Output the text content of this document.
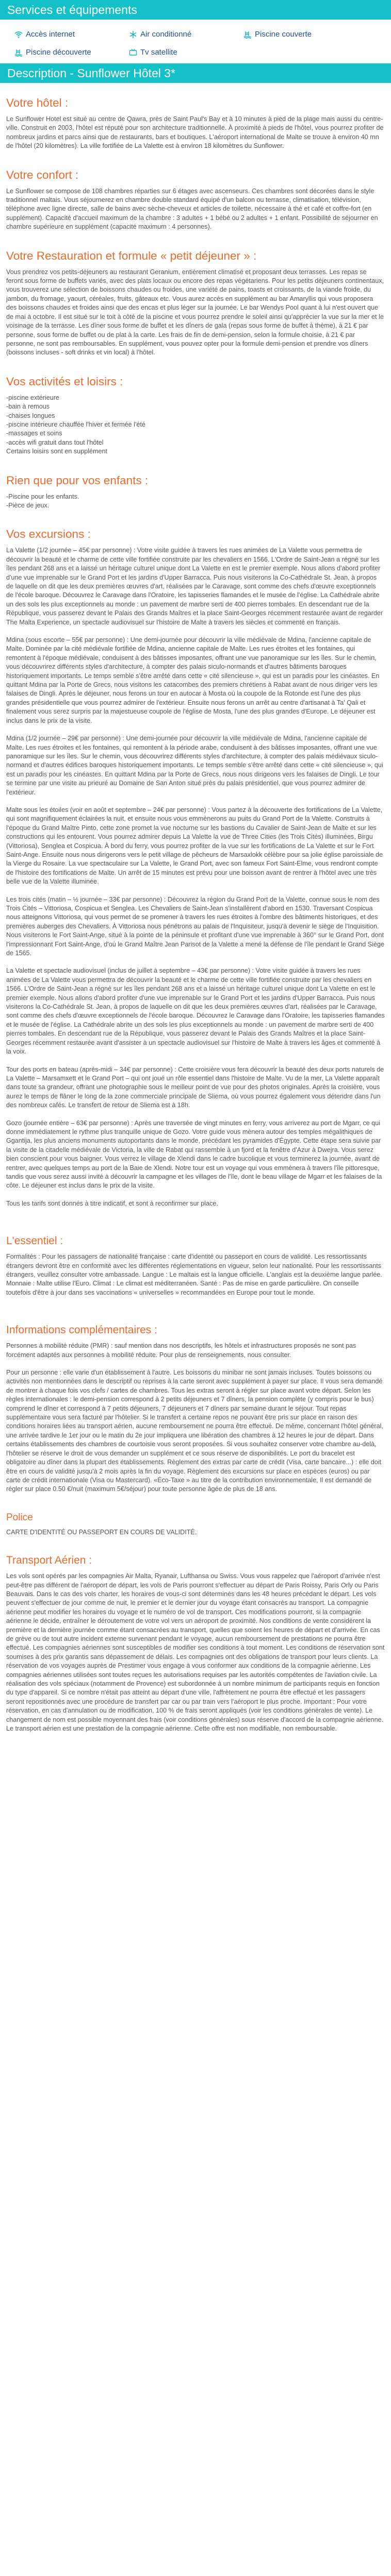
Services et équipements
Accès internet	Air conditionné	Piscine couverte
Piscine découverte	Tv satellite
Description - Sunflower Hôtel 3*
Votre hôtel :

Le Sunflower Hotel est situé au centre de Qawra, près de Saint Paul's Bay et à 10 minutes à pied de la plage mais aussi du centre-ville. Construit en 2003, l'hôtel est réputé pour son architecture traditionnelle. À proximité à pieds de l'hôtel, vous pourrez profiter de nombreux jardins et parcs ainsi que de restaurants, bars et boutiques. L'aéroport international de Malte se trouve à environ 40 mn de l'hôtel (20 kilomètres). La ville fortifiée de La Valette est à environ 18 kilomètres du Sunflower.

Votre confort :

Le Sunflower se compose de 108 chambres réparties sur 6 étages avec ascenseurs. Ces chambres sont décorées dans le style traditionnel maltais. Vous séjournerez en chambre double standard équipé d'un balcon ou terrasse, climatisation, télévision, téléphone avec ligne directe, salle de bains avec sèche-cheveux et articles de toilette, nécessaire à thé et café et coffre-fort (en supplément). Capacité d'accueil maximum de la chambre : 3 adultes + 1 bébé ou 2 adultes + 1 enfant. Possibilité de séjourner en chambre supérieure en supplément (capacité maximum : 4 personnes).

Votre Restauration et formule « petit déjeuner » :

Vous prendrez vos petits-déjeuners au restaurant Geranium, entièrement climatisé et proposant deux terrasses. Les repas se feront sous forme de buffets variés, avec des plats locaux ou encore des repas végétariens. Pour les petits déjeuners continentaux, vous trouverez une sélection de boissons chaudes ou froides, une variété de pains, toasts et croissants, de la viande froide, du jambon, du fromage, yaourt, céréales, fruits, gâteaux etc. Vous aurez accès en supplément au bar Amaryllis qui vous proposera des boissons chaudes et froides ainsi que des encas et plus léger sur la journée. Le bar Wendys Pool quant à lui n'est ouvert que de mai à octobre. Il est situé sur le toit à côté de la piscine et vous pourrez prendre le soleil ainsi qu'apprécier la vue sur la mer et le voisinage de la terrasse. Les dîner sous forme de buffet et les dîners de gala (repas sous forme de buffet à thème), à 21 € par personne, sous forme de buffet ou de plat à la carte. Les frais de fin de demi-pension, selon la formule choisie, à 21 € par personne, ne sont pas remboursables. En supplément, vous pouvez opter pour la formule demi-pension et prendre vos dîners (boissons incluses - soft drinks et vin local) à l'hôtel.

Vos activités et loisirs :

-piscine extérieure

-bain à remous

-chaises longues

-piscine intérieure chauffée l'hiver et fermée l'été

-massages et soins

-accès wifi gratuit dans tout l'hôtel

Certains loisirs sont en supplément

Rien que pour vos enfants :

-Piscine pour les enfants.

-Pièce de jeux.

Vos excursions :

La Valette (1/2 journée – 45€ par personne) : Votre visite guidée à travers les rues animées de La Valette vous permettra de découvrir la beauté et le charme de cette ville fortifiée construite par les chevaliers en 1566. L'Ordre de Saint-Jean a régné sur les îles pendant 268 ans et a laissé un héritage culturel unique dont La Valette en est le premier exemple. Nous allons d'abord profiter d'une vue imprenable sur le Grand Port et les jardins d'Upper Barracca. Puis nous visiterons la Co-Cathédrale St. Jean, à propos de laquelle on dit que les deux premières œuvres d'art, réalisées par le Caravage, sont comme des chefs d'œuvre exceptionnels de l'école baroque. Découvrez le Caravage dans l'Oratoire, les tapisseries flamandes et le musée de l'église. La Cathédrale abrite un des sols les plus exceptionnels au monde : un pavement de marbre serti de 400 pierres tombales. En descendant rue de la République, vous passerez devant le Palais des Grands Maîtres et la place Saint-Georges récemment restaurée avant de regarder The Malta Experience, un spectacle audiovisuel sur l'histoire de Malte à travers les siècles et commenté en français.

Mdina (sous escorte – 55€ par personne) : Une demi-journée pour découvrir la ville médiévale de Mdina, l'ancienne capitale de Malte. Dominée par la cité médiévale fortifiée de Mdina, ancienne capitale de Malte. Les rues étroites et les fontaines, qui remontent à l'époque médiévale, conduisent à des bâtisses imposantes, offrant une vue panoramique sur les îles. Sur le chemin, vous découvrirez différents styles d'architecture, à compter des palais siculo-normands et d'autres bâtiments baroques historiquement importants. Le temps semble s'être arrêté dans cette « cité silencieuse », qui est un paradis pour les cinéastes. En quittant Mdina par la Porte de Grecs, nous visitons les catacombes des premiers chrétiens à Rabat avant de nous diriger vers les falaises de Dingli. Après le déjeuner, nous ferons un tour en autocar à Mosta où la coupole de la Rotonde est l'une des plus grandes présidentielle que vous pourrez admirer de l'extérieur. Ensuite nous ferons un arrêt au centre d'artisanat à Ta' Qali et finalement vous serez surpris par la majestueuse coupole de l'église de Mosta, l'une des plus grandes d'Europe. Le déjeuner est inclus dans le prix de la visite.

Mdina (1/2 journée – 29€ par personne) : Une demi-journée pour découvrir la ville médiévale de Mdina, l'ancienne capitale de Malte. Les rues étroites et les fontaines, qui remontent à la période arabe, conduisent à des bâtisses imposantes, offrant une vue panoramique sur les îles. Sur le chemin, vous découvrirez différents styles d'architecture, à compter des palais médiévaux siculo-normand et d'autres édifices baroques historiquement importants. Le temps semble s'être arrêté dans cette « cité silencieuse », qui est un paradis pour les cinéastes. En quittant Mdina par la Porte de Grecs, nous nous dirigeons vers les falaises de Dingli. Le tour se termine par une visite au prieuré au Domaine de San Anton situé près du palais présidentiel, que vous pourrez admirer de l'extérieur.

Malte sous les étoiles (voir en août et septembre – 24€ par personne) : Vous partez à la découverte des fortifications de La Valette, qui sont magnifiquement éclairées la nuit, et ensuite nous vous emmènerons au puits du Grand Port de la Valette. Construits à l'époque du Grand Maître Pinto, cette zone promet la vue nocturne sur les bastions du Cavalier de Saint-Jean de Malte et sur les constructions qui les entourent. Vous pourrez admirer depuis La Valette la vue de Three Cities (les Trois Cités) illuminées, Birgu (Vittoriosa), Senglea et Cospicua. À bord du ferry, vous pourrez profiter de la vue sur les fortifications de La Valette et sur le Fort Saint-Ange. Ensuite nous nous dirigerons vers le petit village de pêcheurs de Marsaxlokk célèbre pour sa jolie église paroissiale de la Vierge du Rosaire. La vue spectaculaire sur La Valette, le Grand Port, avec son fameux Fort Saint-Elme, vous rendront compte de l'histoire des fortifications de Malte. Un arrêt de 15 minutes est prévu pour une boisson avant de rentrer à l'hôtel avec une très belle vue de la Valette illuminée.

Les trois cités (matin – ½ journée – 33€ par personne) : Découvrez la région du Grand Port de la Valette, connue sous le nom des Trois Cités – Vittoriosa, Cospicua et Senglea. Les Chevaliers de Saint-Jean s'installèrent d'abord en 1530. Traversant Cospicua nous atteignons Vittoriosa, qui vous permet de se promener à travers les rues étroites à l'ombre des bâtiments historiques, et des premières auberges des Chevaliers. À Vittoriosa nous pénétrons au palais de l'Inquisiteur, jusqu'à devenir le siège de l'Inquisition. Nous visiterons le Fort Saint-Ange, situé à la pointe de la péninsule et profitant d'une vue imprenable à 360° sur le Grand Port, dont l'impressionnant Fort Saint-Ange, d'où le Grand Maître Jean Parisot de la Valette a mené la défense de l'île pendant le Grand Siège de 1565.

La Valette et spectacle audiovisuel (inclus de juillet à septembre – 43€ par personne) : Votre visite guidée à travers les rues animées de La Valette vous permettra de découvrir la beauté et le charme de cette ville fortifiée construite par les chevaliers en 1566. L'Ordre de Saint-Jean a régné sur les îles pendant 268 ans et a laissé un héritage culturel unique dont La Valette en est le premier exemple. Nous allons d'abord profiter d'une vue imprenable sur le Grand Port et les jardins d'Upper Barracca. Puis nous visiterons la Co-Cathédrale St. Jean, à propos de laquelle on dit que les deux premières œuvres d'art, réalisées par le Caravage, sont comme des chefs d'œuvre exceptionnels de l'école baroque. Découvrez le Caravage dans l'Oratoire, les tapisseries flamandes et le musée de l'église. La Cathédrale abrite un des sols les plus exceptionnels au monde : un pavement de marbre serti de 400 pierres tombales. En descendant rue de la République, vous passerez devant le Palais des Grands Maîtres et la place Saint-Georges récemment restaurée avant d'assister à un spectacle audiovisuel sur l'histoire de Malte à travers les âges et commenté à la voix.

Tour des ports en bateau (après-midi – 34€ par personne) : Cette croisière vous fera découvrir la beauté des deux ports naturels de La Valette – Marsamxett et le Grand Port – qui ont joué un rôle essentiel dans l'histoire de Malte. Vu de la mer, La Valette apparaît dans toute sa grandeur, offrant une photographie sous le meilleur point de vue pour des photos originales. Après la croisière, vous aurez le temps de flâner le long de la zone commerciale principale de Sliema, où vous pourrez également vous détendre dans l'un des nombreux cafés. Le transfert de retour de Sliema est à 18h.

Gozo (journée entière – 63€ par personne) : Après une traversée de vingt minutes en ferry, vous arriverez au port de Mgarr, ce qui donne immédiatement le rythme plus tranquille unique de Gozo. Votre guide vous mènera autour des temples mégalithiques de Ggantija, les plus anciens monuments autoportants dans le monde, précédant les pyramides d'Égypte. Cette étape sera suivie par la visite de la citadelle médiévale de Victoria, la ville de Rabat qui rassemble à un fjord et la fenêtre d'Azur à Dwejra. Vous serez bien conscient pour vous baigner. Vous verrez le village de Xlendi dans le cadre bucolique et vous terminerez la journée, avant de rentrer, avec quelques temps au port de la Baie de Xlendi. Notre tour est un voyage qui vous emmènera à travers l'île pittoresque, tandis que vous serez aussi invité à découvrir la campagne et les villages de l'île, dont le beau village de Mgarr et les falaises de la côte. Le déjeuner est inclus dans le prix de la visite.

Tous les tarifs sont donnés à titre indicatif, et sont à reconfirmer sur place.

L'essentiel :

Formalités : Pour les passagers de nationalité française : carte d'identité ou passeport en cours de validité. Les ressortissants étrangers devront être en conformité avec les différentes réglementations en vigueur, selon leur nationalité. Pour les ressortissants étrangers, veuillez consulter votre ambassade. Langue : Le maltais est la langue officielle. L'anglais est la deuxième langue parlée. Monnaie : Malte utilise l'Euro. Climat : Le climat est méditerranéen. Santé : Pas de mise en garde particulière. On conseille toutefois d'être à jour dans ses vaccinations « universelles » recommandées en Europe pour tout le monde.

Informations complémentaires :

Personnes à mobilité réduite (PMR) : sauf mention dans nos descriptifs, les hôtels et infrastructures proposés ne sont pas forcément adaptés aux personnes à mobilité réduite. Pour plus de renseignements, nous consulter.

Pour un personne : elle varie d'un établissement à l'autre. Les boissons du minibar ne sont jamais incluses. Toutes boissons ou activités non mentionnées dans le descriptif ou reprises à la carte seront avec supplément à payer sur place. Il vous sera demandé de montrer à chaque fois vos clefs / cartes de chambres. Tous les extras seront à régler sur place avant votre départ. Selon les règles internationales : le demi-pension correspond à 2 petits déjeuners et 7 dîners, la pension complète (y compris pour le bus) comprend le dîner et correspond à 7 petits déjeuners, 7 déjeuners et 7 dîners par semaine durant le séjour. Tout repas supplémentaire vous sera facturé par l'hôtelier. Si le transfert a certaine repos ne pouvant être pris sur place en raison des conditions horaires liées au transport aérien, aucune remboursement ne pourra être effectué. De même, concernant l'hôtel général, une arrivée tardive le 1er jour ou le matin du 2e jour impliquera une libération des chambres à 12 heures le jour de départ. Dans certains établissements des chambres de courtoisie vous seront proposées. Si vous souhaitez conserver votre chambre au-delà, l'hôtelier se réserve le droit de vous demander un supplément et ce sous réserve de disponibilités. Le port du bracelet est obligatoire au dîner dans la plupart des établissements. Règlement des extras par carte de crédit (Visa, carte bancaire...) : elle doit être en cours de validité jusqu'à 2 mois après la fin du voyage. Règlement des excursions sur place en espèces (euros) ou par carte de crédit internationale (Visa ou Mastercard). «Éco-Taxe » au titre de la contribution environnementale, Il est demandé de régler sur place 0.50 €/nuit (maximum 5€/séjour) pour toute personne âgée de plus de 18 ans.

Police

CARTE D'IDENTITÉ OU PASSEPORT EN COURS DE VALIDITÉ.

Transport Aérien :

Les vols sont opérés par les compagnies Air Malta, Ryanair, Lufthansa ou Swiss. Vous vous rappelez que l'aéroport d'arrivée n'est peut-être pas différent de l'aéroport de départ, les vols de Paris pourront s'effectuer au départ de Paris Roissy, Paris Orly ou Paris Beauvais. Dans le cas des vols charter, les horaires de vous-ci sont déterminés dans les 48 heures précédant le départ. Les vols peuvent s'effectuer de jour comme de nuit, le premier et le dernier jour du voyage étant consacrés au transport. La compagnie aérienne peut modifier les horaires du voyage et le numéro de vol de transport. Ces modifications pourront, si la compagnie aérienne le décide, entraîner le déroutement de votre vol vers un aéroport de proximité. Nos conditions de vente considèrent la première et la dernière journée comme étant consacrées au transport, quelles que soient les heures de départ et d'arrivée. En cas de grève ou de tout autre incident externe survenant pendant le voyage, aucun remboursement de prestations ne pourra être effectué. Les compagnies aériennes sont susceptibles de modifier ses conditions à tout moment. Les conditions de réservation sont soumises à des prix garantis sans dépassement de délais. Les compagnies ont des obligations de transport pour leurs clients. La réservation de vos voyages auprès de Prestimer vous engage à vous conformer aux conditions de la compagnie aérienne. Les compagnies aériennes utilisées sont toutes reçues les autorisations requises par les autorités compétentes de l'aviation civile. La réalisation des vols spéciaux (notamment de Provence) est subordonnée à un nombre minimum de participants requis en fonction du type d'appareil. Si ce nombre n'était pas atteint au départ d'une ville, l'affrètement ne pourra être effectué et les passagers seront repositionnés avec une procédure de transfert par car ou par train vers l'aéroport le plus proche. Important : Pour votre réservation, en cas d'annulation ou de modification, 100 % de frais seront appliqués (voir les conditions générales de vente). Le changement de nom est possible moyennant des frais (voir conditions générales) sous réserve d'accord de la compagnie aérienne. Le transport aérien est une prestation de la compagnie aérienne. Cette offre est non modifiable, non remboursable.
